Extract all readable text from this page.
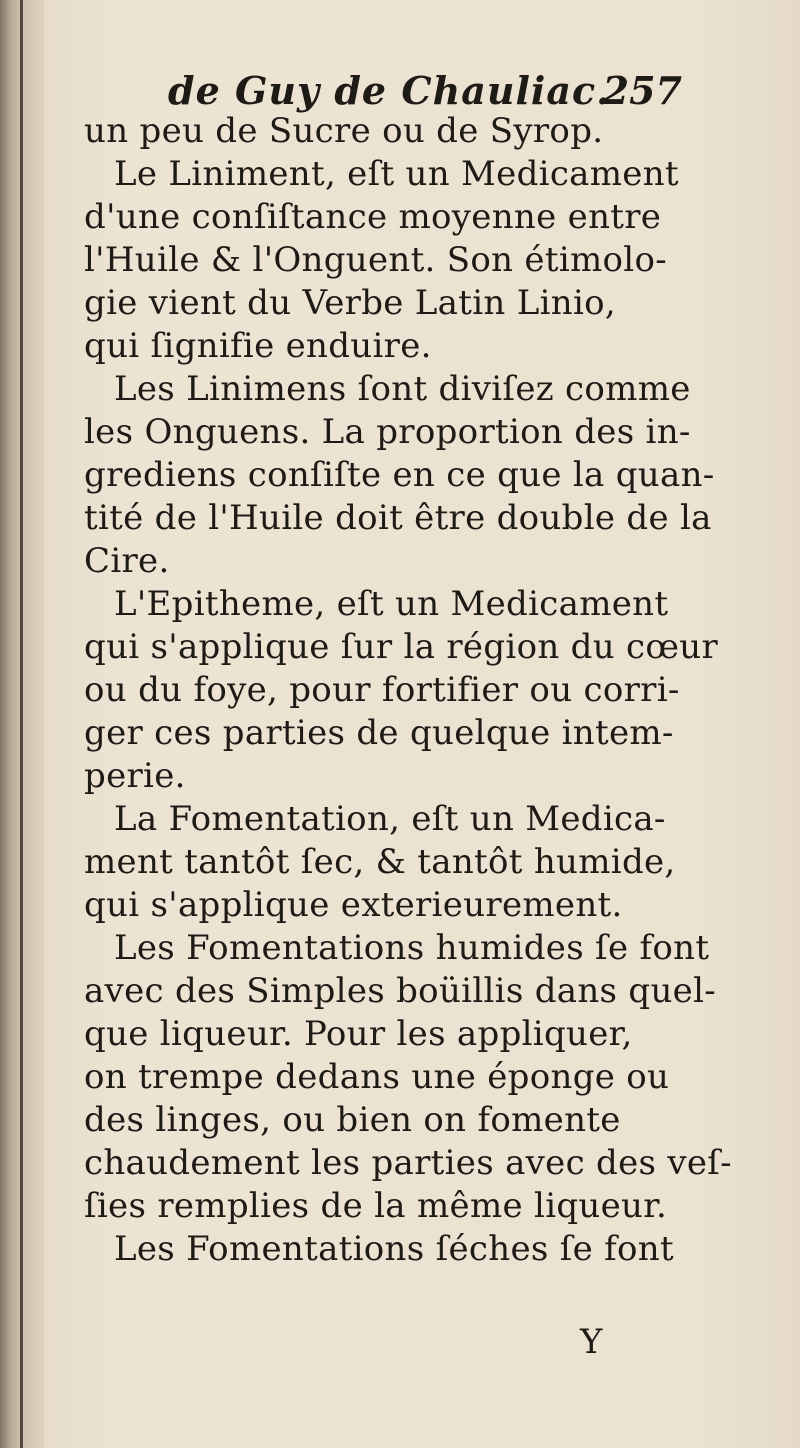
de Guy de Chauliac.
257
un peu de Sucre ou de Syrop.
Le Liniment, eſt un Medicament
d'une conſiſtance moyenne entre
l'Huile & l'Onguent. Son étimolo-
gie vient du Verbe Latin Linio,
qui ſignifie enduire.
Les Linimens ſont diviſez comme
les Onguens. La proportion des in-
grediens conſiſte en ce que la quan-
tité de l'Huile doit être double de la
Cire.
L'Epitheme, eſt un Medicament
qui s'applique ſur la région du cœur
ou du foye, pour fortifier ou corri-
ger ces parties de quelque intem-
perie.
La Fomentation, eſt un Medica-
ment tantôt ſec, & tantôt humide,
qui s'applique exterieurement.
Les Fomentations humides ſe font
avec des Simples boüillis dans quel-
que liqueur. Pour les appliquer,
on trempe dedans une éponge ou
des linges, ou bien on fomente
chaudement les parties avec des veſ-
ſies remplies de la même liqueur.
Les Fomentations ſéches ſe font
Y
